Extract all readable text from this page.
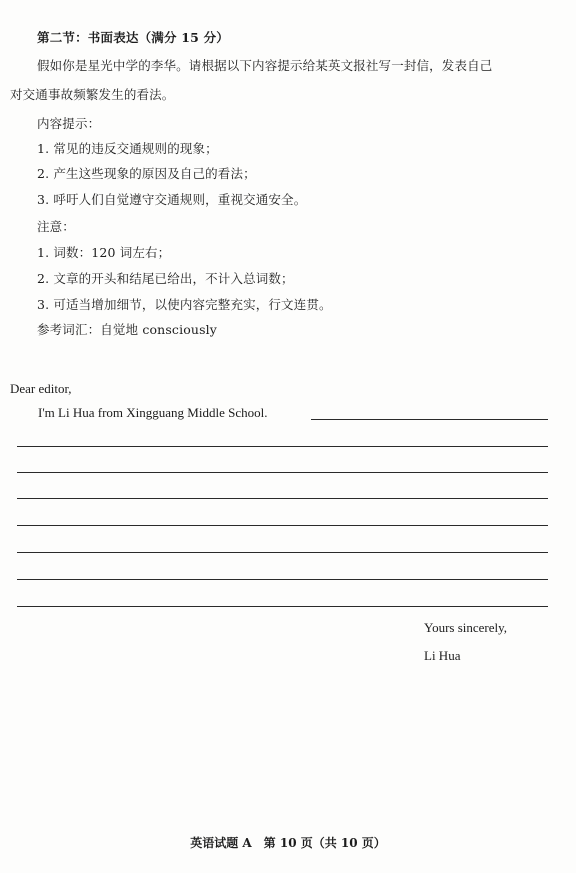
第二节：书面表达（满分 15 分）
假如你是星光中学的李华。请根据以下内容提示给某英文报社写一封信，发表自己
对交通事故频繁发生的看法。
内容提示：
1. 常见的违反交通规则的现象；
2. 产生这些现象的原因及自己的看法；
3. 呼吁人们自觉遵守交通规则，重视交通安全。
注意：
1. 词数：120 词左右；
2. 文章的开头和结尾已给出，不计入总词数；
3. 可适当增加细节，以使内容完整充实，行文连贯。
参考词汇：自觉地 consciously
Dear editor,
I'm Li Hua from Xingguang Middle School.
Yours sincerely,
Li Hua
英语试题 A　第 10 页（共 10 页）
